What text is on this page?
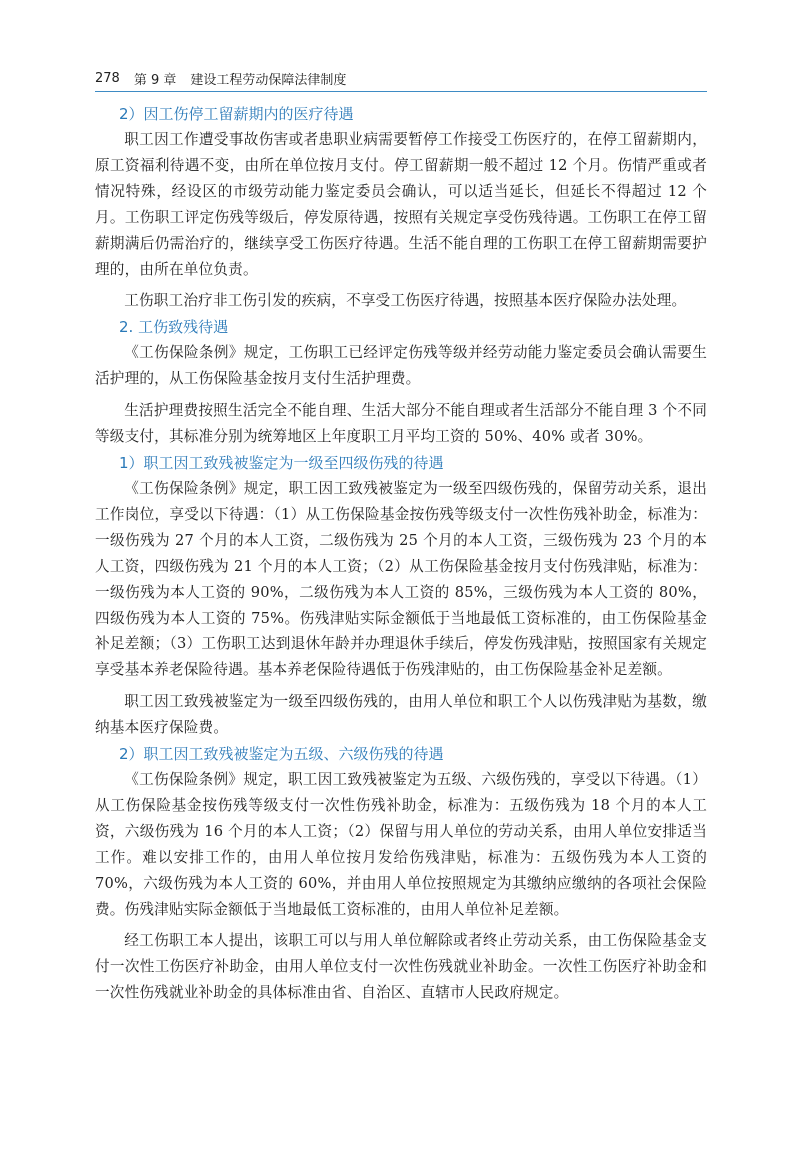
278 第 9 章 建设工程劳动保障法律制度

2）因工伤停工留薪期内的医疗待遇

职工因工作遭受事故伤害或者患职业病需要暂停工作接受工伤医疗的，在停工留薪期内，原工资福利待遇不变，由所在单位按月支付。停工留薪期一般不超过 12 个月。伤情严重或者情况特殊，经设区的市级劳动能力鉴定委员会确认，可以适当延长，但延长不得超过 12 个月。工伤职工评定伤残等级后，停发原待遇，按照有关规定享受伤残待遇。工伤职工在停工留薪期满后仍需治疗的，继续享受工伤医疗待遇。生活不能自理的工伤职工在停工留薪期需要护理的，由所在单位负责。

工伤职工治疗非工伤引发的疾病，不享受工伤医疗待遇，按照基本医疗保险办法处理。

2. 工伤致残待遇

《工伤保险条例》规定，工伤职工已经评定伤残等级并经劳动能力鉴定委员会确认需要生活护理的，从工伤保险基金按月支付生活护理费。

生活护理费按照生活完全不能自理、生活大部分不能自理或者生活部分不能自理 3 个不同等级支付，其标准分别为统筹地区上年度职工月平均工资的 50%、40% 或者 30%。

1）职工因工致残被鉴定为一级至四级伤残的待遇

《工伤保险条例》规定，职工因工致残被鉴定为一级至四级伤残的，保留劳动关系，退出工作岗位，享受以下待遇：（1）从工伤保险基金按伤残等级支付一次性伤残补助金，标准为：一级伤残为 27 个月的本人工资，二级伤残为 25 个月的本人工资，三级伤残为 23 个月的本人工资，四级伤残为 21 个月的本人工资；（2）从工伤保险基金按月支付伤残津贴，标准为：一级伤残为本人工资的 90%，二级伤残为本人工资的 85%，三级伤残为本人工资的 80%，四级伤残为本人工资的 75%。伤残津贴实际金额低于当地最低工资标准的，由工伤保险基金补足差额；（3）工伤职工达到退休年龄并办理退休手续后，停发伤残津贴，按照国家有关规定享受基本养老保险待遇。基本养老保险待遇低于伤残津贴的，由工伤保险基金补足差额。

职工因工致残被鉴定为一级至四级伤残的，由用人单位和职工个人以伤残津贴为基数，缴纳基本医疗保险费。

2）职工因工致残被鉴定为五级、六级伤残的待遇

《工伤保险条例》规定，职工因工致残被鉴定为五级、六级伤残的，享受以下待遇。（1）从工伤保险基金按伤残等级支付一次性伤残补助金，标准为：五级伤残为 18 个月的本人工资，六级伤残为 16 个月的本人工资；（2）保留与用人单位的劳动关系，由用人单位安排适当工作。难以安排工作的，由用人单位按月发给伤残津贴，标准为：五级伤残为本人工资的 70%，六级伤残为本人工资的 60%，并由用人单位按照规定为其缴纳应缴纳的各项社会保险费。伤残津贴实际金额低于当地最低工资标准的，由用人单位补足差额。

经工伤职工本人提出，该职工可以与用人单位解除或者终止劳动关系，由工伤保险基金支付一次性工伤医疗补助金，由用人单位支付一次性伤残就业补助金。一次性工伤医疗补助金和一次性伤残就业补助金的具体标准由省、自治区、直辖市人民政府规定。
